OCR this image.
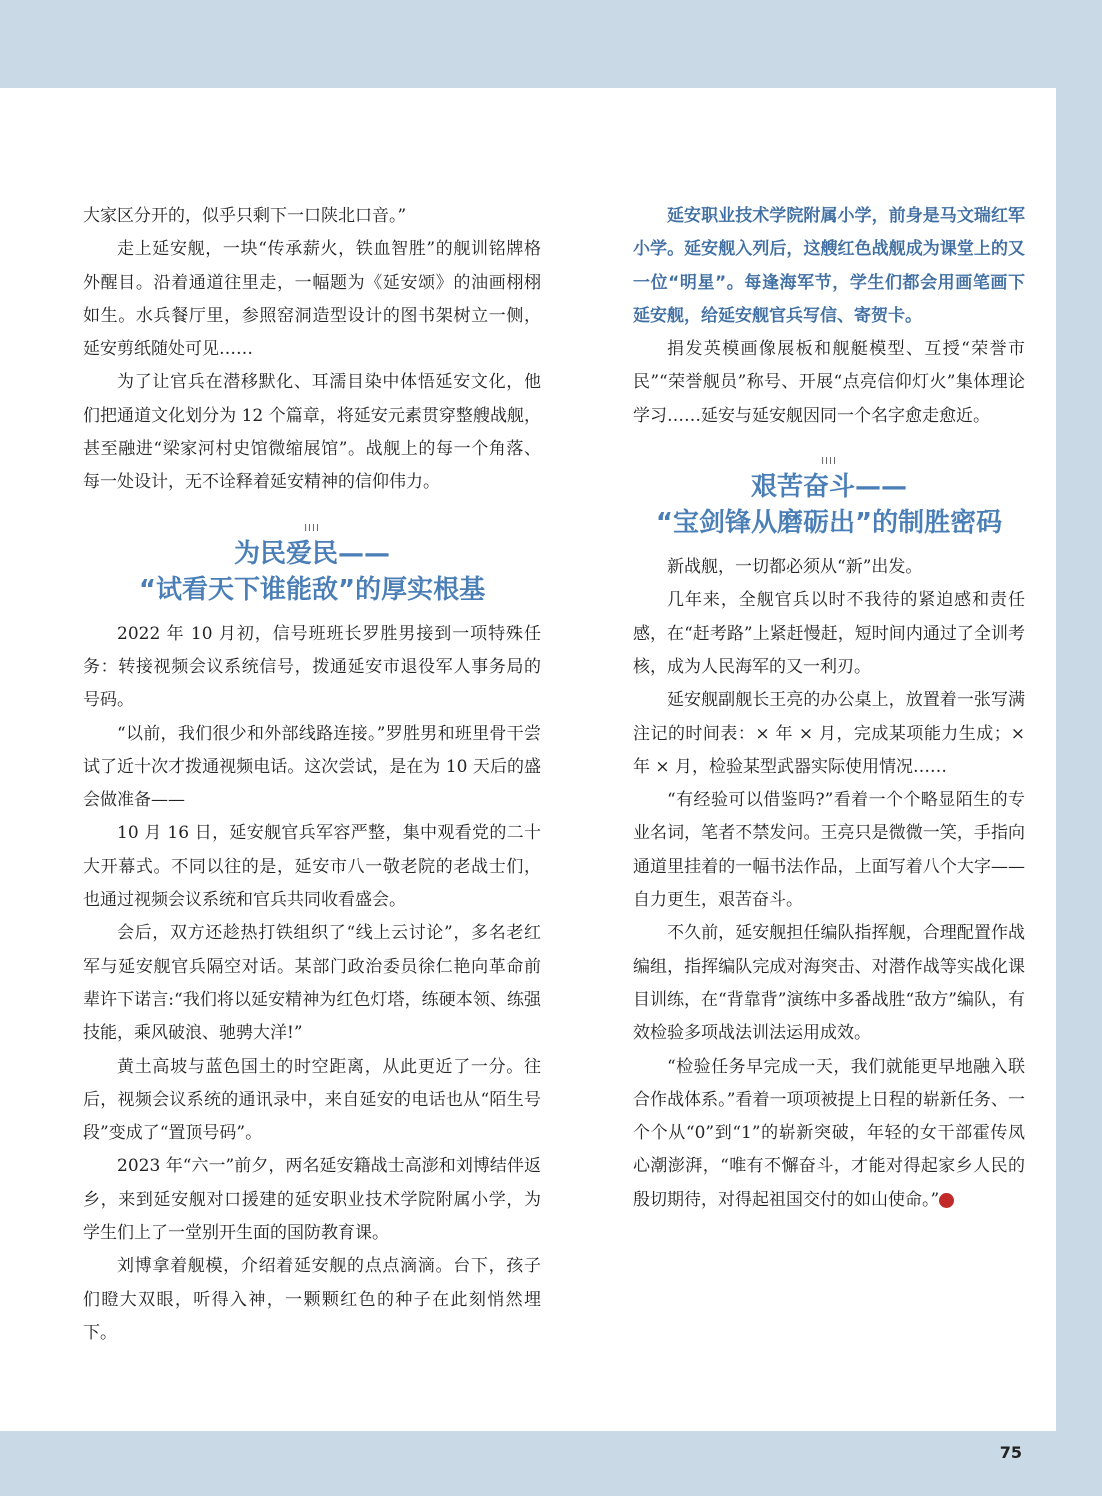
大家区分开的，似乎只剩下一口陕北口音。”

走上延安舰，一块“传承薪火，铁血智胜”的舰训铭牌格外醒目。沿着通道往里走，一幅题为《延安颂》的油画栩栩如生。水兵餐厅里，参照窑洞造型设计的图书架树立一侧，延安剪纸随处可见……

为了让官兵在潜移默化、耳濡目染中体悟延安文化，他们把通道文化划分为 12 个篇章，将延安元素贯穿整艘战舰，甚至融进“梁家河村史馆微缩展馆”。战舰上的每一个角落、每一处设计，无不诠释着延安精神的信仰伟力。

IIII
为民爱民——
“试看天下谁能敌”的厚实根基

2022 年 10 月初，信号班班长罗胜男接到一项特殊任务：转接视频会议系统信号，拨通延安市退役军人事务局的号码。

“以前，我们很少和外部线路连接。”罗胜男和班里骨干尝试了近十次才拨通视频电话。这次尝试，是在为 10 天后的盛会做准备——

10 月 16 日，延安舰官兵军容严整，集中观看党的二十大开幕式。不同以往的是，延安市八一敬老院的老战士们，也通过视频会议系统和官兵共同收看盛会。

会后，双方还趁热打铁组织了“线上云讨论”，多名老红军与延安舰官兵隔空对话。某部门政治委员徐仁艳向革命前辈许下诺言:“我们将以延安精神为红色灯塔，练硬本领、练强技能，乘风破浪、驰骋大洋!”

黄土高坡与蓝色国土的时空距离，从此更近了一分。往后，视频会议系统的通讯录中，来自延安的电话也从“陌生号段”变成了“置顶号码”。

2023 年“六一”前夕，两名延安籍战士高澎和刘博结伴返乡，来到延安舰对口援建的延安职业技术学院附属小学，为学生们上了一堂别开生面的国防教育课。

刘博拿着舰模，介绍着延安舰的点点滴滴。台下，孩子们瞪大双眼，听得入神，一颗颗红色的种子在此刻悄然埋下。

延安职业技术学院附属小学，前身是马文瑞红军小学。延安舰入列后，这艘红色战舰成为课堂上的又一位“明星”。每逢海军节，学生们都会用画笔画下延安舰，给延安舰官兵写信、寄贺卡。

捐发英模画像展板和舰艇模型、互授“荣誉市民”“荣誉舰员”称号、开展“点亮信仰灯火”集体理论学习……延安与延安舰因同一个名字愈走愈近。

IIII
艰苦奋斗——
“宝剑锋从磨砺出”的制胜密码

新战舰，一切都必须从“新”出发。

几年来，全舰官兵以时不我待的紧迫感和责任感，在“赶考路”上紧赶慢赶，短时间内通过了全训考核，成为人民海军的又一利刃。

延安舰副舰长王亮的办公桌上，放置着一张写满注记的时间表：× 年 × 月，完成某项能力生成；× 年 × 月，检验某型武器实际使用情况……

“有经验可以借鉴吗?”看着一个个略显陌生的专业名词，笔者不禁发问。王亮只是微微一笑，手指向通道里挂着的一幅书法作品，上面写着八个大字——自力更生，艰苦奋斗。

不久前，延安舰担任编队指挥舰，合理配置作战编组，指挥编队完成对海突击、对潜作战等实战化课目训练，在“背靠背”演练中多番战胜“敌方”编队，有效检验多项战法训法运用成效。

“检验任务早完成一天，我们就能更早地融入联合作战体系。”看着一项项被提上日程的崭新任务、一个个从“0”到“1”的崭新突破，年轻的女干部霍传凤心潮澎湃，“唯有不懈奋斗，才能对得起家乡人民的殷切期待，对得起祖国交付的如山使命。”	N

75
